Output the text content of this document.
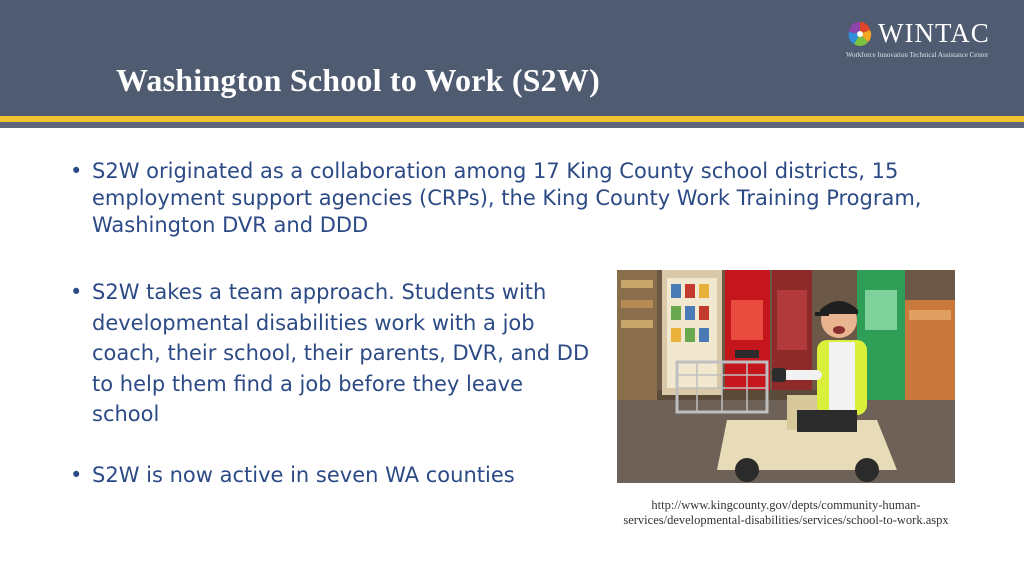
Washington School to Work (S2W)
WINTAC
Workforce Innovation Technical Assistance Center
• S2W originated as a collaboration among 17 King County school districts, 15 employment support agencies (CRPs), the King County Work Training Program, Washington DVR and DDD
• S2W takes a team approach. Students with developmental disabilities work with a job coach, their school, their parents, DVR, and DD to help them find a job before they leave school
• S2W is now active in seven WA counties
http://www.kingcounty.gov/depts/community-human-services/developmental-disabilities/services/school-to-work.aspx
